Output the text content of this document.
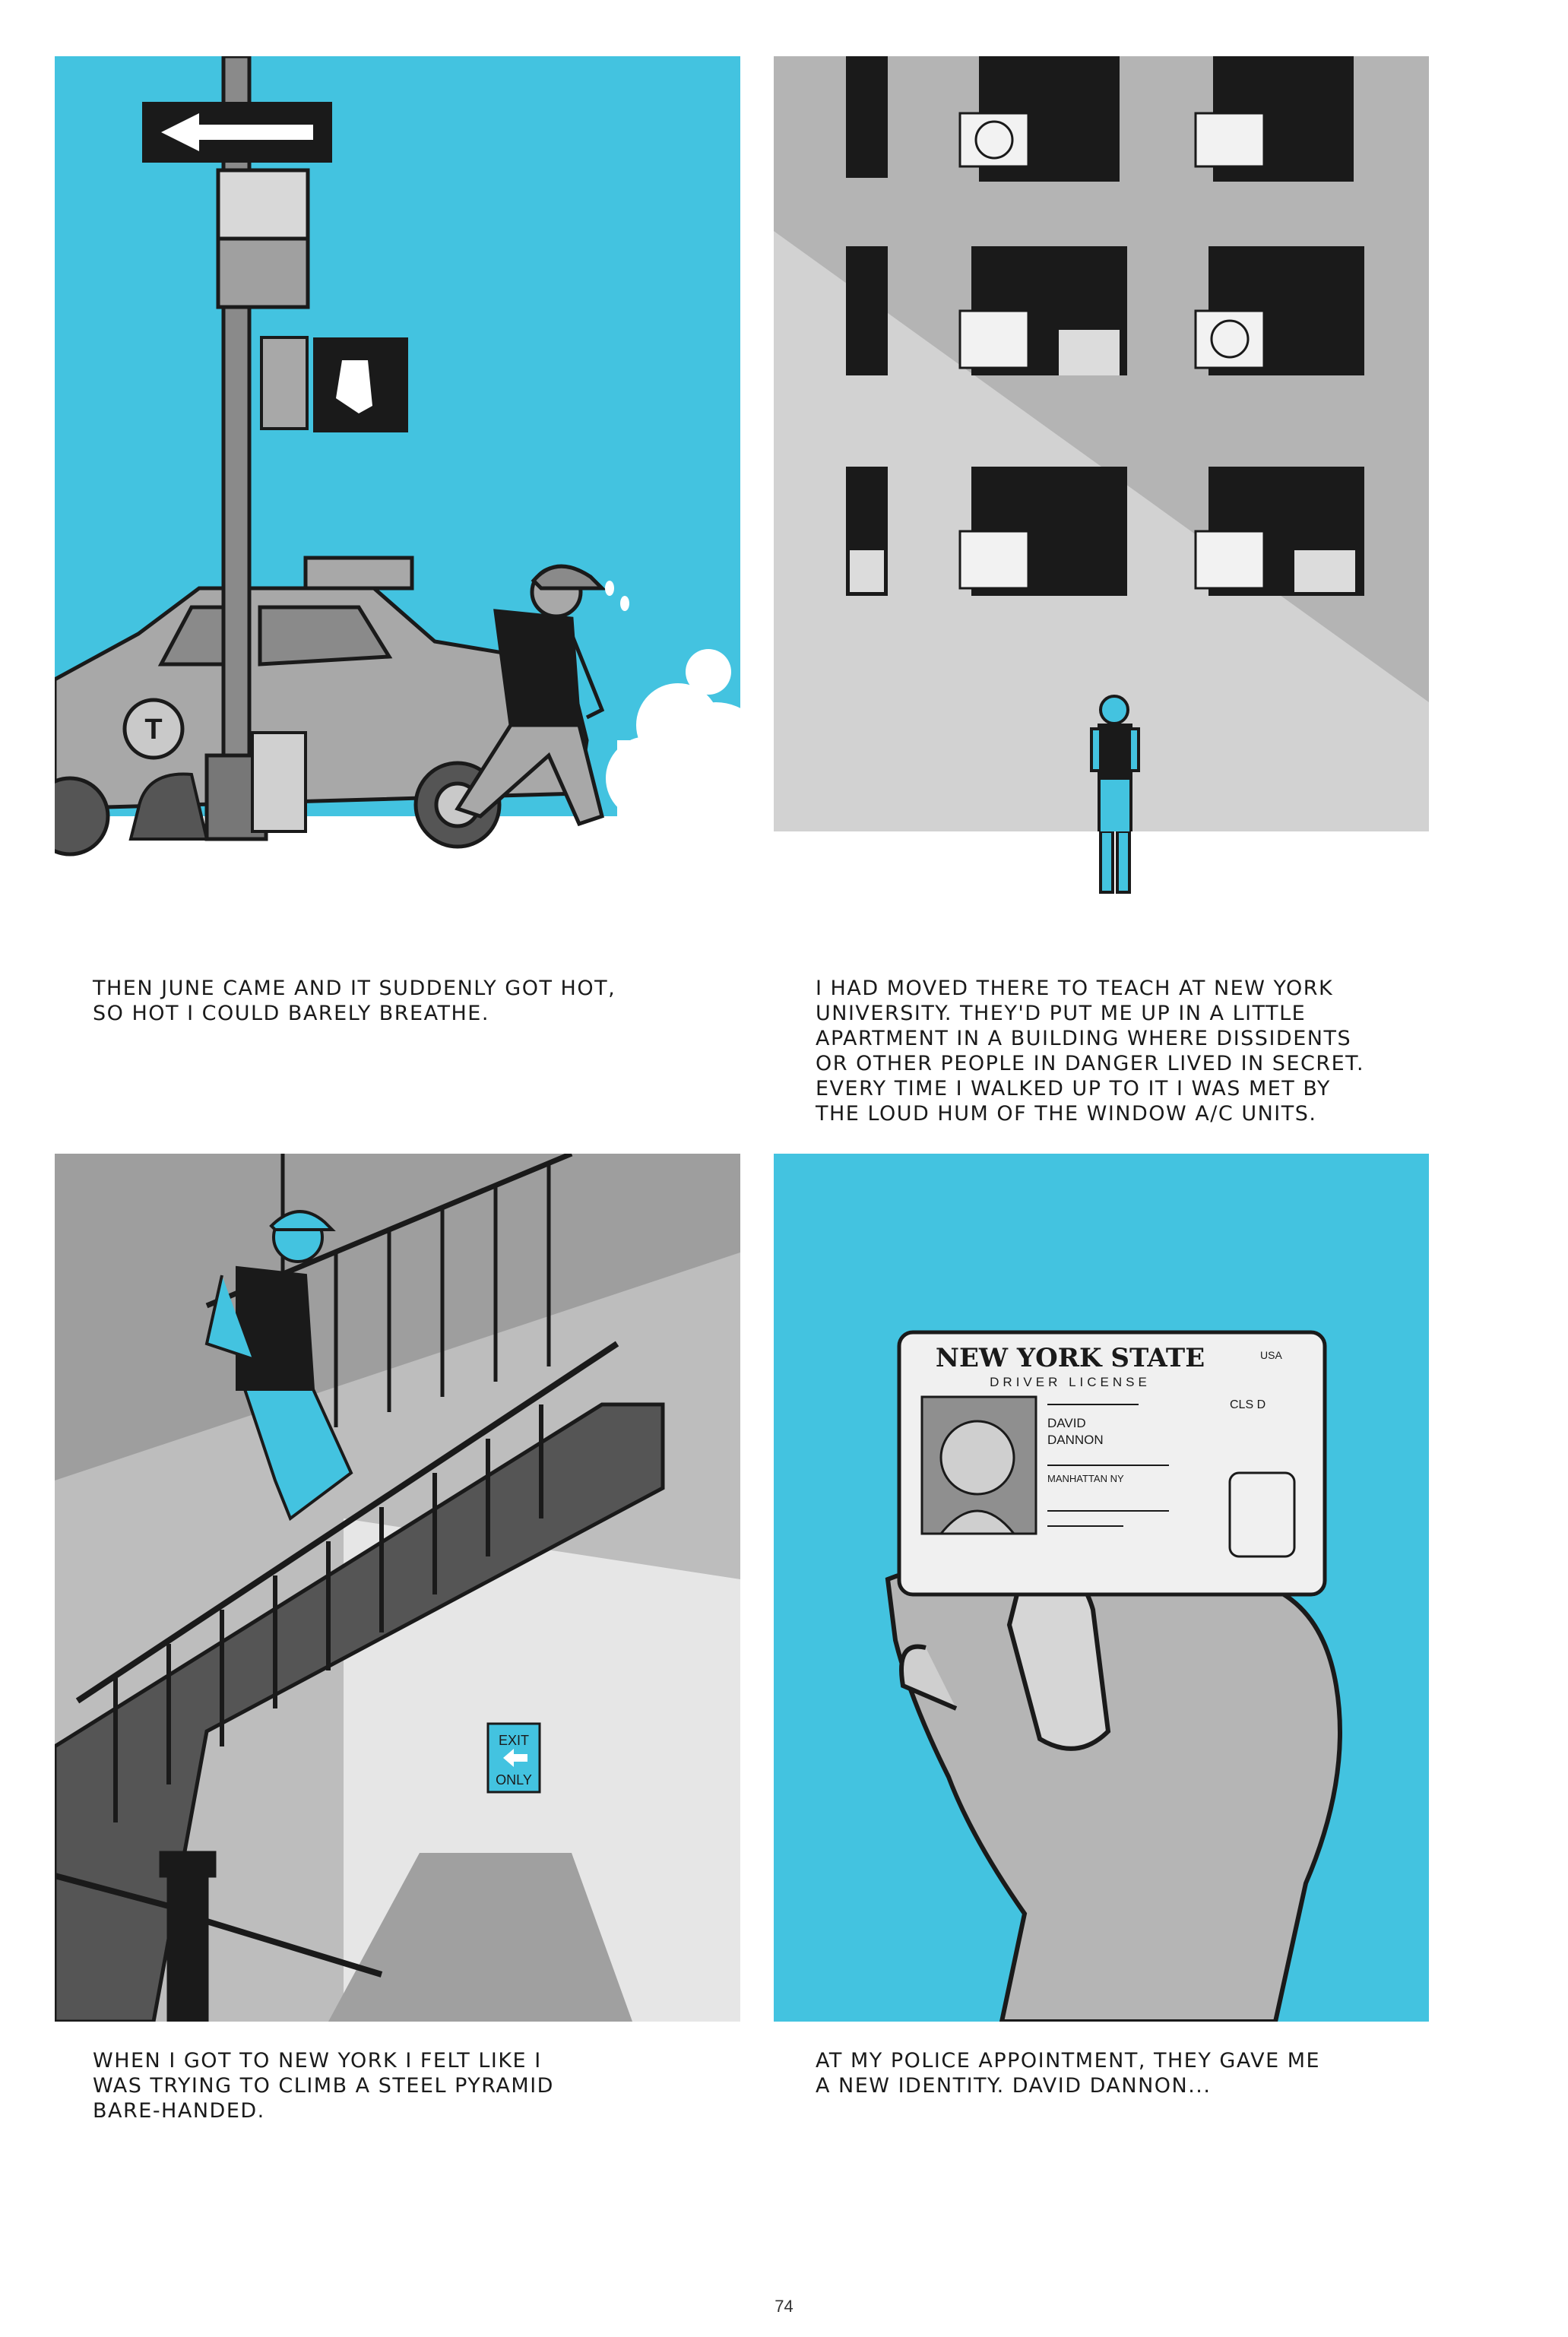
T

THEN JUNE CAME AND IT SUDDENLY GOT HOT,
SO HOT I COULD BARELY BREATHE.

I HAD MOVED THERE TO TEACH AT NEW YORK
UNIVERSITY. THEY'D PUT ME UP IN A LITTLE
APARTMENT IN A BUILDING WHERE DISSIDENTS
OR OTHER PEOPLE IN DANGER LIVED IN SECRET.
EVERY TIME I WALKED UP TO IT I WAS MET BY
THE LOUD HUM OF THE WINDOW A/C UNITS.

EXIT
ONLY

WHEN I GOT TO NEW YORK I FELT LIKE I
WAS TRYING TO CLIMB A STEEL PYRAMID
BARE-HANDED.

NEW YORK STATE
DRIVER LICENSE
USA
DAVID
DANNON
CLS D
MANHATTAN NY

AT MY POLICE APPOINTMENT, THEY GAVE ME
A NEW IDENTITY. DAVID DANNON...

74
